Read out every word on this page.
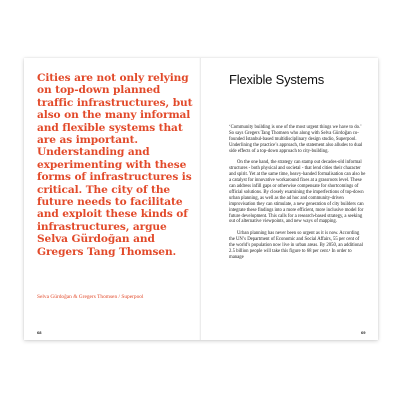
Cities are not only relying on top-down planned traffic infrastructures, but also on the many informal and flexible systems that are as important. Understanding and experimenting with these forms of infrastructures is critical. The city of the future needs to facilitate and exploit these kinds of infrastructures, argue Selva Gürdoğan and Gregers Tang Thomsen.

Selva Gürdoğan & Gregers Thomsen / Superpool

68

Flexible Systems

‘Community building is one of the most urgent things we have to do.’ So says Gregers Tang Thomsen who along with Selva Gürdoğan co-founded Istanbul-based multidisciplinary design studio, Superpool. Underlining the practice’s approach, the statement also alludes to dual side effects of a top-down approach to city-building.

On the one hand, the strategy can stamp out decades-old informal structures - both physical and societal - that lend cities their character and spirit. Yet at the same time, heavy-handed formalisation can also be a catalyst for innovative workaround fixes at a grassroots level. These can address infill gaps or otherwise compensate for shortcomings of official solutions. By closely examining the imperfections of top-down urban planning, as well as the ad hoc and community-driven improvisation they can stimulate, a new generation of city builders can integrate these findings into a more efficient, more inclusive model for future development. This calls for a research-based strategy, a seeking out of alternative viewpoints, and new ways of mapping.

Urban planning has never been so urgent as it is now. According the UN’s Department of Economic and Social Affairs, 55 per cent of the world’s population now live in urban areas. By 2050, an additional 2.5 billion people will take this figure to 68 per cent.¹ In order to manage

69
